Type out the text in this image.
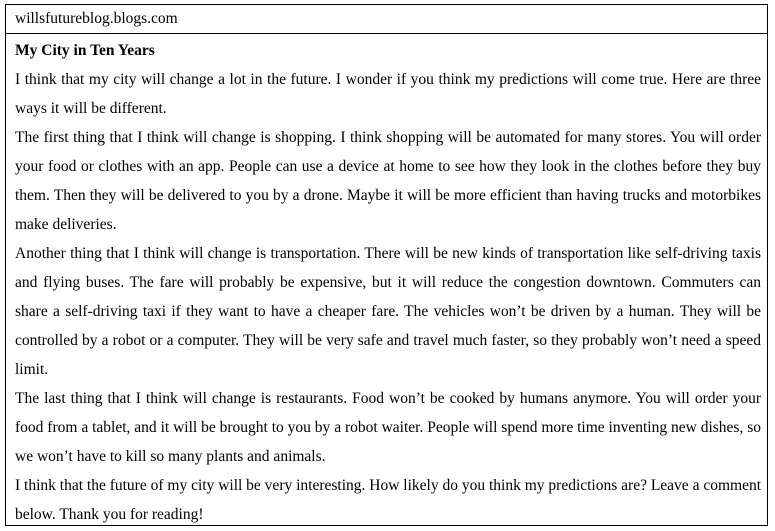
willsfutureblog.blogs.com

My City in Ten Years

I think that my city will change a lot in the future. I wonder if you think my predictions will come true. Here are three ways it will be different.

The first thing that I think will change is shopping. I think shopping will be automated for many stores. You will order your food or clothes with an app. People can use a device at home to see how they look in the clothes before they buy them. Then they will be delivered to you by a drone. Maybe it will be more efficient than having trucks and motorbikes make deliveries.

Another thing that I think will change is transportation. There will be new kinds of transportation like self-driving taxis and flying buses. The fare will probably be expensive, but it will reduce the congestion downtown. Commuters can share a self-driving taxi if they want to have a cheaper fare. The vehicles won’t be driven by a human. They will be controlled by a robot or a computer. They will be very safe and travel much faster, so they probably won’t need a speed limit.

The last thing that I think will change is restaurants. Food won’t be cooked by humans anymore. You will order your food from a tablet, and it will be brought to you by a robot waiter. People will spend more time inventing new dishes, so we won’t have to kill so many plants and animals.

I think that the future of my city will be very interesting. How likely do you think my predictions are? Leave a comment below. Thank you for reading!
